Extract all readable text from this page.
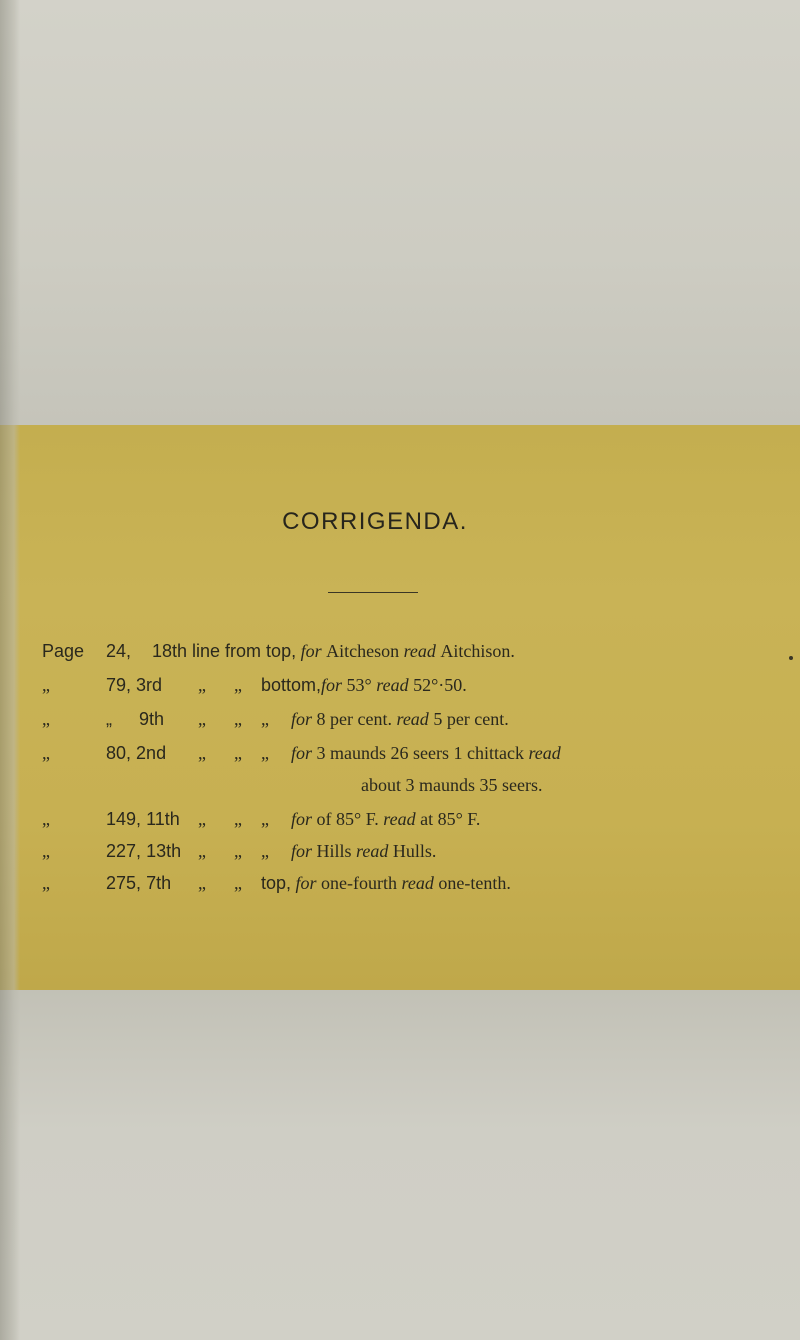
CORRIGENDA.
Page 24, 18th line from top, for Aitcheson read Aitchison.
„	79, 3rd „ „ bottom,for 53° read 52°·50.
„	„ 9th „ „ „ for 8 per cent. read 5 per cent.
„	80, 2nd „ „ „ for 3 maunds 26 seers 1 chittack read
about 3 maunds 35 seers.
„	149, 11th „ „ „ for of 85° F. read at 85° F.
„	227, 13th „ „ „ for Hills read Hulls.
„	275, 7th „ „ top, for one-fourth read one-tenth.
